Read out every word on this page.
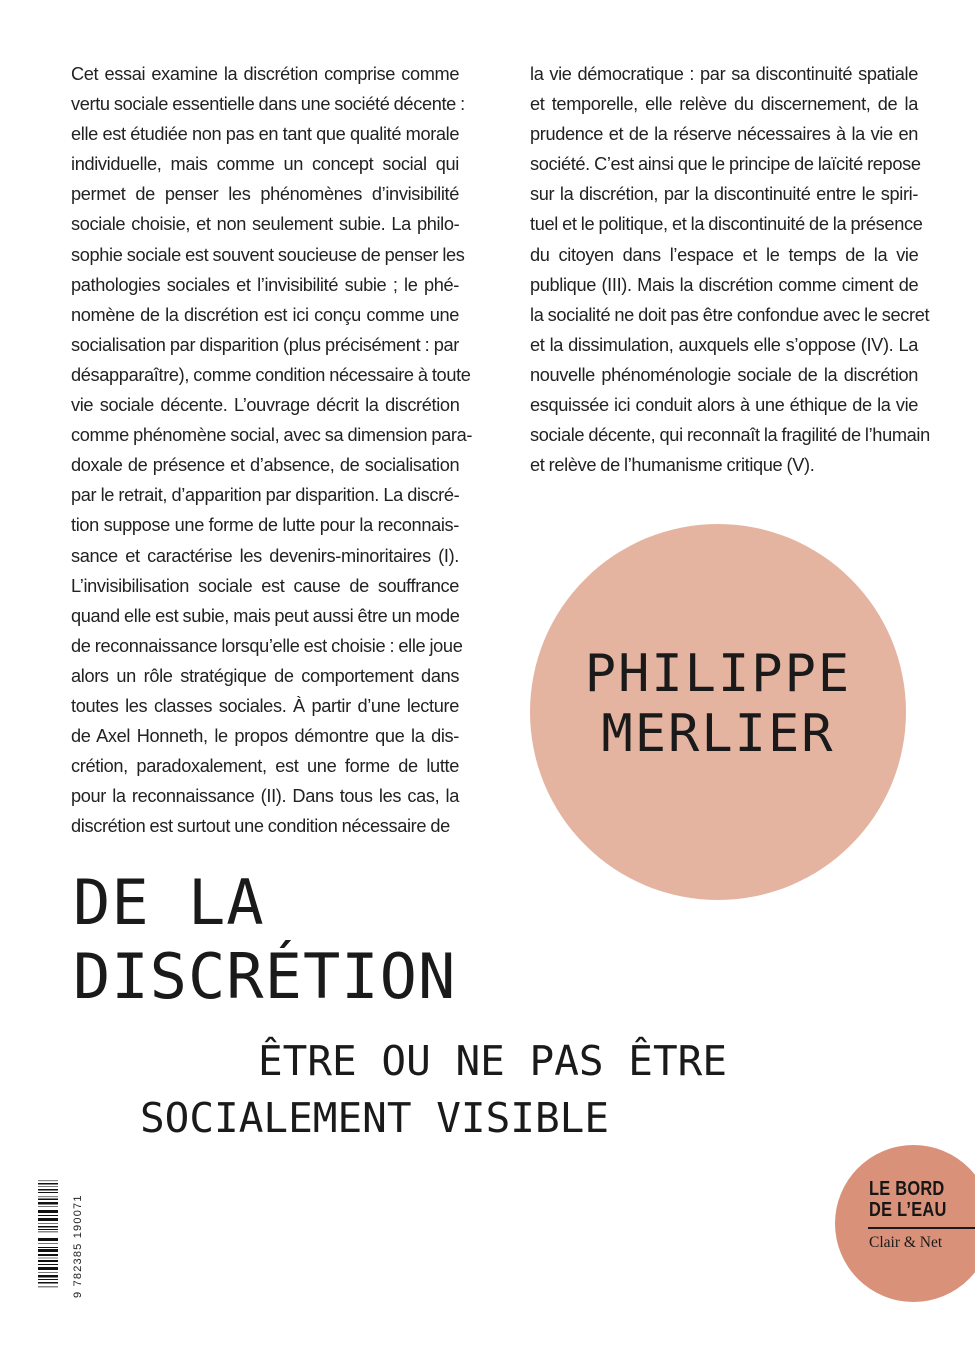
Cet essai examine la discrétion comprise comme
vertu sociale essentielle dans une société décente :
elle est étudiée non pas en tant que qualité morale
individuelle, mais comme un concept social qui
permet de penser les phénomènes d’invisibilité
sociale choisie, et non seulement subie. La philo-
sophie sociale est souvent soucieuse de penser les
pathologies sociales et l’invisibilité subie ; le phé-
nomène de la discrétion est ici conçu comme une
socialisation par disparition (plus précisément : par
désapparaître), comme condition nécessaire à toute
vie sociale décente. L’ouvrage décrit la discrétion
comme phénomène social, avec sa dimension para-
doxale de présence et d’absence, de socialisation
par le retrait, d’apparition par disparition. La discré-
tion suppose une forme de lutte pour la reconnais-
sance et caractérise les devenirs-minoritaires (I).
L’invisibilisation sociale est cause de souffrance
quand elle est subie, mais peut aussi être un mode
de reconnaissance lorsqu’elle est choisie : elle joue
alors un rôle stratégique de comportement dans
toutes les classes sociales. À partir d’une lecture
de Axel Honneth, le propos démontre que la dis-
crétion, paradoxalement, est une forme de lutte
pour la reconnaissance (II). Dans tous les cas, la
discrétion est surtout une condition nécessaire de
la vie démocratique : par sa discontinuité spatiale
et temporelle, elle relève du discernement, de la
prudence et de la réserve nécessaires à la vie en
société. C’est ainsi que le principe de laïcité repose
sur la discrétion, par la discontinuité entre le spiri-
tuel et le politique, et la discontinuité de la présence
du citoyen dans l’espace et le temps de la vie
publique (III). Mais la discrétion comme ciment de
la socialité ne doit pas être confondue avec le secret
et la dissimulation, auxquels elle s’oppose (IV). La
nouvelle phénoménologie sociale de la discrétion
esquissée ici conduit alors à une éthique de la vie
sociale décente, qui reconnaît la fragilité de l’humain
et relève de l’humanisme critique (V).
PHILIPPE
MERLIER
DE LA
DISCRÉTION
ÊTRE OU NE PAS ÊTRE
SOCIALEMENT VISIBLE
9 782385 190071
LE BORD
DE L’EAU
Clair & Net
